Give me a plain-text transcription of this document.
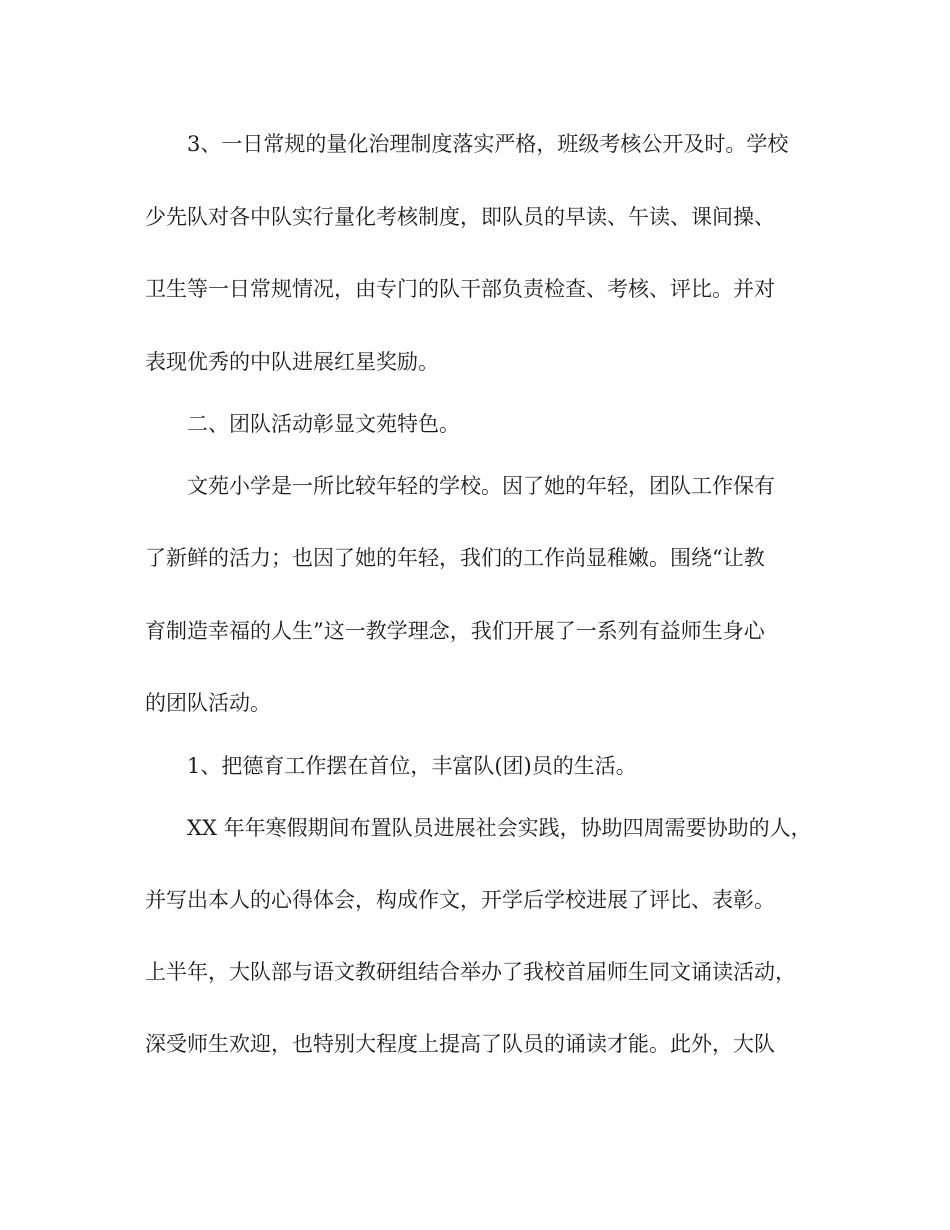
3、一日常规的量化治理制度落实严格，班级考核公开及时。学校
少先队对各中队实行量化考核制度，即队员的早读、午读、课间操、
卫生等一日常规情况，由专门的队干部负责检查、考核、评比。并对
表现优秀的中队进展红星奖励。
二、团队活动彰显文苑特色。
文苑小学是一所比较年轻的学校。因了她的年轻，团队工作保有
了新鲜的活力；也因了她的年轻，我们的工作尚显稚嫩。围绕“让教
育制造幸福的人生”这一教学理念，我们开展了一系列有益师生身心
的团队活动。
1、把德育工作摆在首位，丰富队(团)员的生活。
XX 年年寒假期间布置队员进展社会实践，协助四周需要协助的人，
并写出本人的心得体会，构成作文，开学后学校进展了评比、表彰。
上半年，大队部与语文教研组结合举办了我校首届师生同文诵读活动，
深受师生欢迎，也特别大程度上提高了队员的诵读才能。此外，大队
